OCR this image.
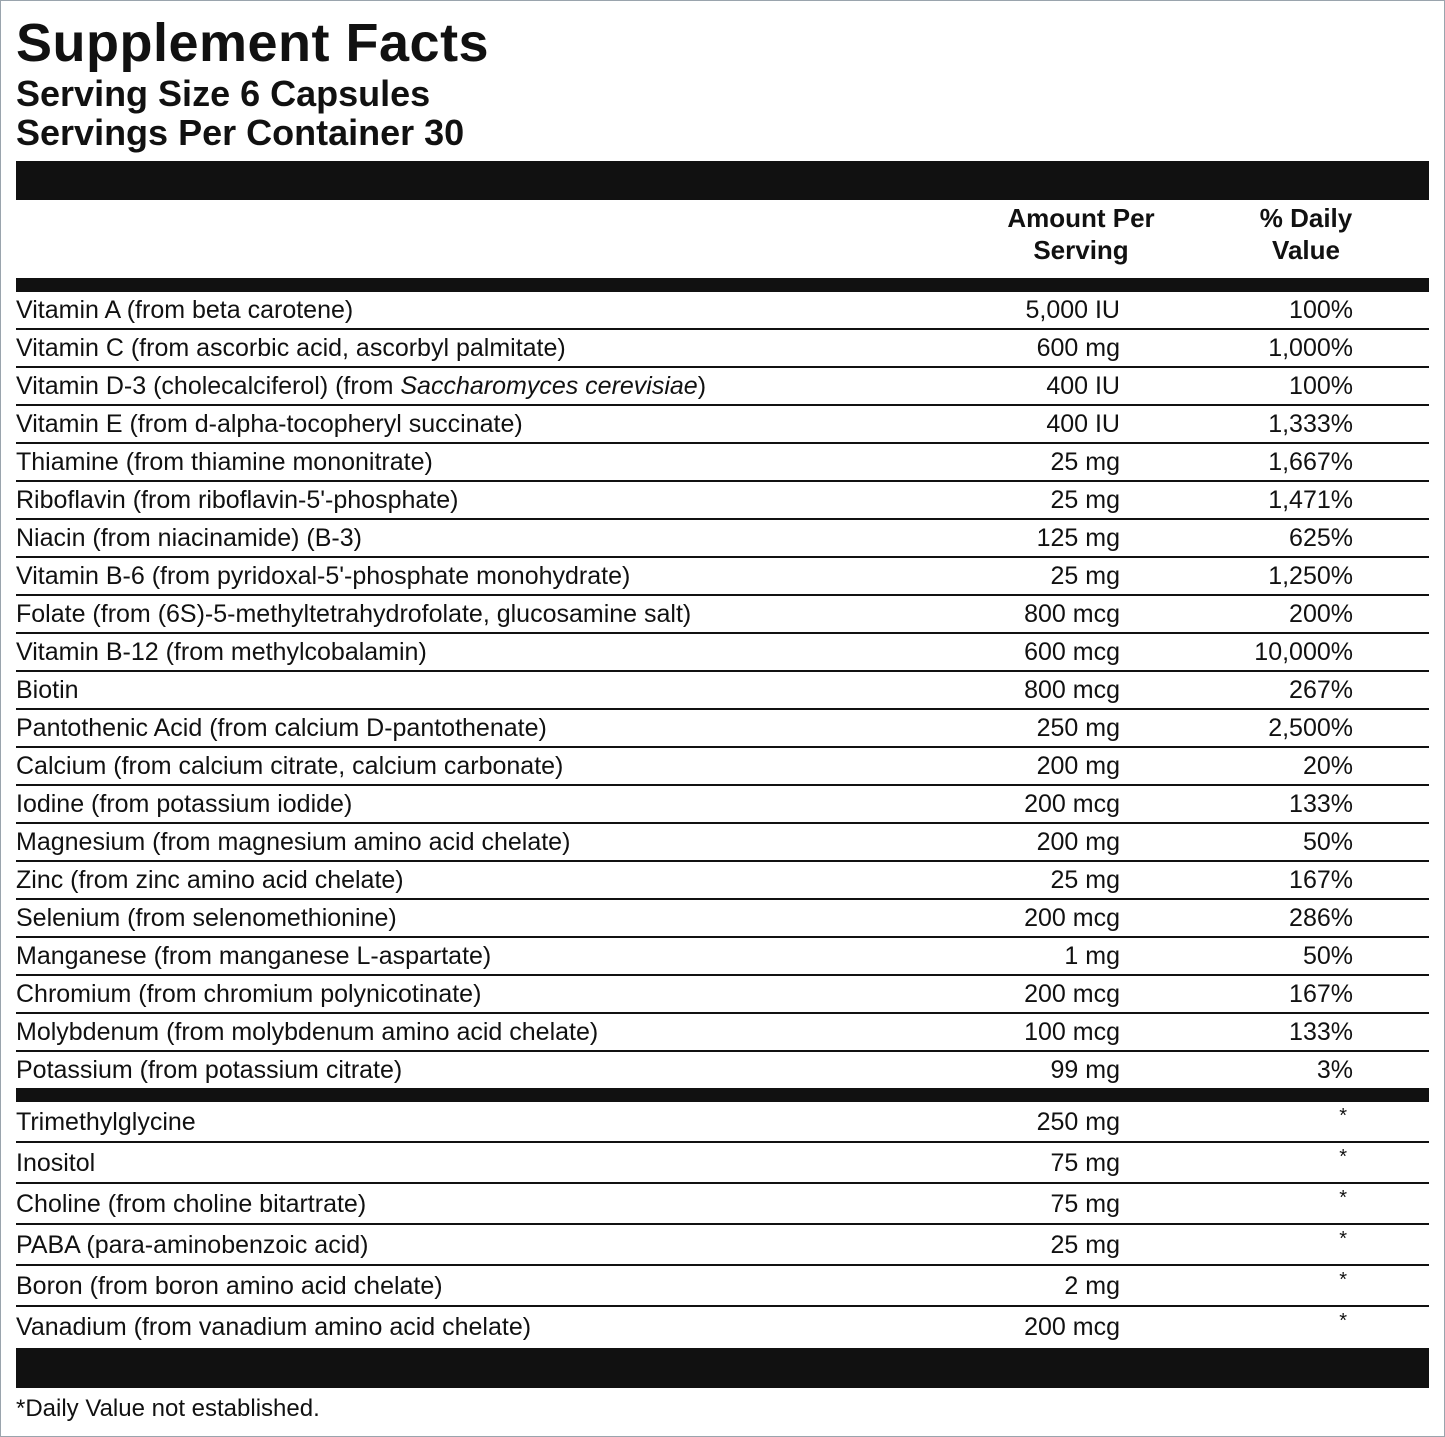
Supplement Facts

Serving Size 6 Capsules

Servings Per Container 30

Amount Per
Serving
% Daily
Value
Vitamin A (from beta carotene)	5,000 IU	100%
Vitamin C (from ascorbic acid, ascorbyl palmitate)	600 mg	1,000%
Vitamin D-3 (cholecalciferol) (from Saccharomyces cerevisiae)	400 IU	100%
Vitamin E (from d-alpha-tocopheryl succinate)	400 IU	1,333%
Thiamine (from thiamine mononitrate)	25 mg	1,667%
Riboflavin (from riboflavin-5'-phosphate)	25 mg	1,471%
Niacin (from niacinamide) (B-3)	125 mg	625%
Vitamin B-6 (from pyridoxal-5'-phosphate monohydrate)	25 mg	1,250%
Folate (from (6S)-5-methyltetrahydrofolate, glucosamine salt)	800 mcg	200%
Vitamin B-12 (from methylcobalamin)	600 mcg	10,000%
Biotin	800 mcg	267%
Pantothenic Acid (from calcium D-pantothenate)	250 mg	2,500%
Calcium (from calcium citrate, calcium carbonate)	200 mg	20%
Iodine (from potassium iodide)	200 mcg	133%
Magnesium (from magnesium amino acid chelate)	200 mg	50%
Zinc (from zinc amino acid chelate)	25 mg	167%
Selenium (from selenomethionine)	200 mcg	286%
Manganese (from manganese L-aspartate)	1 mg	50%
Chromium (from chromium polynicotinate)	200 mcg	167%
Molybdenum (from molybdenum amino acid chelate)	100 mcg	133%
Potassium (from potassium citrate)	99 mg	3%
Trimethylglycine	250 mg	*
Inositol	75 mg	*
Choline (from choline bitartrate)	75 mg	*
PABA (para-aminobenzoic acid)	25 mg	*
Boron (from boron amino acid chelate)	2 mg	*
Vanadium (from vanadium amino acid chelate)	200 mcg	*
*Daily Value not established.
